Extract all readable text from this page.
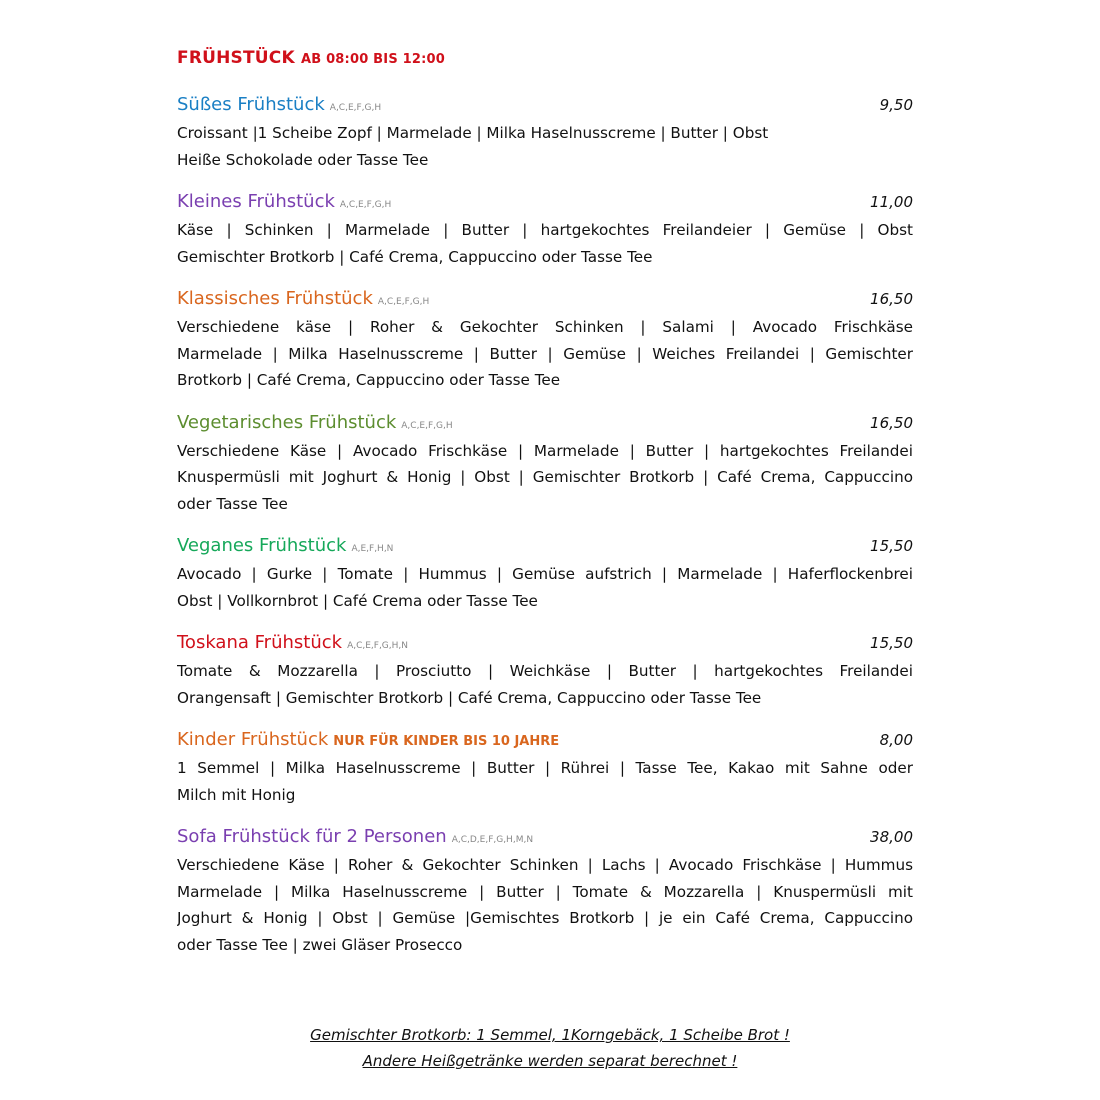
FRÜHSTÜCK AB 08:00 BIS 12:00
Süßes Frühstück A,C,E,F,G,H	9,50
Croissant |1 Scheibe Zopf | Marmelade | Milka Haselnusscreme | Butter | Obst
Heiße Schokolade oder Tasse Tee
Kleines Frühstück A,C,E,F,G,H	11,00
Käse | Schinken | Marmelade | Butter | hartgekochtes Freilandeier | Gemüse | Obst
Gemischter Brotkorb | Café Crema, Cappuccino oder Tasse Tee
Klassisches Frühstück A,C,E,F,G,H	16,50
Verschiedene käse | Roher & Gekochter Schinken | Salami | Avocado Frischkäse
Marmelade | Milka Haselnusscreme | Butter | Gemüse | Weiches Freilandei | Gemischter
Brotkorb | Café Crema, Cappuccino oder Tasse Tee
Vegetarisches Frühstück A,C,E,F,G,H	16,50
Verschiedene Käse | Avocado Frischkäse | Marmelade | Butter | hartgekochtes Freilandei
Knuspermüsli mit Joghurt & Honig | Obst | Gemischter Brotkorb | Café Crema, Cappuccino
oder Tasse Tee
Veganes Frühstück A,E,F,H,N	15,50
Avocado | Gurke | Tomate | Hummus | Gemüse aufstrich | Marmelade | Haferflockenbrei
Obst | Vollkornbrot | Café Crema oder Tasse Tee
Toskana Frühstück A,C,E,F,G,H,N	15,50
Tomate & Mozzarella | Prosciutto | Weichkäse | Butter | hartgekochtes Freilandei
Orangensaft | Gemischter Brotkorb | Café Crema, Cappuccino oder Tasse Tee
Kinder Frühstück NUR FÜR KINDER BIS 10 JAHRE	8,00
1 Semmel | Milka Haselnusscreme | Butter | Rührei | Tasse Tee, Kakao mit Sahne oder
Milch mit Honig
Sofa Frühstück für 2 Personen A,C,D,E,F,G,H,M,N	38,00
Verschiedene Käse | Roher & Gekochter Schinken | Lachs | Avocado Frischkäse | Hummus
Marmelade | Milka Haselnusscreme | Butter | Tomate & Mozzarella | Knuspermüsli mit
Joghurt & Honig | Obst | Gemüse |Gemischtes Brotkorb | je ein Café Crema, Cappuccino
oder Tasse Tee | zwei Gläser Prosecco
Gemischter Brotkorb: 1 Semmel, 1Korngebäck, 1 Scheibe Brot !
Andere Heißgetränke werden separat berechnet !
